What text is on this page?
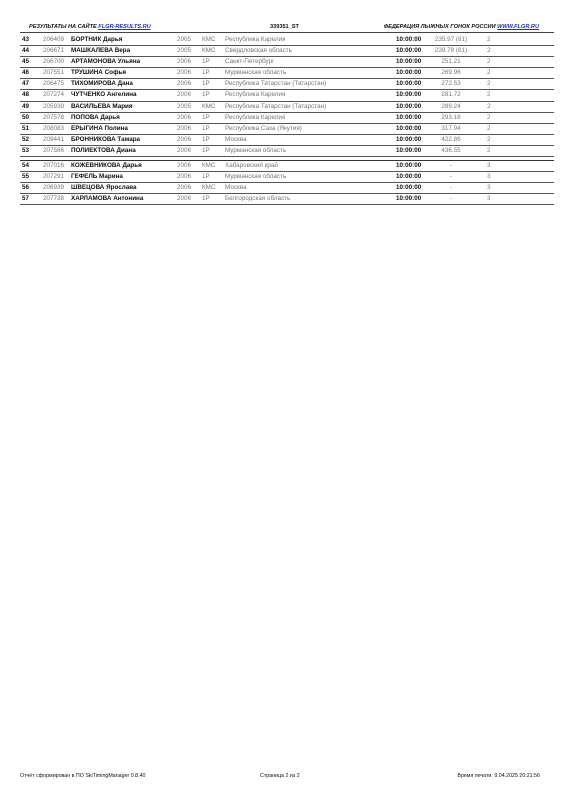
РЕЗУЛЬТАТЫ НА САЙТЕ FLGR-RESULTS.RU	339351_ST	ФЕДЕРАЦИЯ ЛЫЖНЫХ ГОНОК РОССИИ WWW.FLGR.RU
43	206409 БОРТНИК Дарья	2005 КМС Республика Карелия	10:00:00	235.97 (81)	2
44	206671 МАШКАЛЕВА Вера	2005 КМС Свердловская область	10:00:00	239.78 (81)	2
45	206700 АРТАМОНОВА Ульяна	2006 1Р Санкт-Петербург	10:00:00	251.21	2
46	207551 ТРУШИНА Софья	2006 1Р Мурманская область	10:00:00	269.96	2
47	206475 ТИХОМИРОВА Дана	2006 1Р Республика Татарстан (Татарстан)	10:00:00	272.53	2
48	207274 ЧУТЧЕНКО Ангелина	2006 1Р Республика Карелия	10:00:00	281.72	2
49	205939 ВАСИЛЬЕВА Мария	2005 КМС Республика Татарстан (Татарстан)	10:00:00	289.24	2
50	207578 ПОПОВА Дарья	2006 1Р Республика Карелия	10:00:00	293.18	2
51	208083 ЕРЫГИНА Полина	2006 1Р Республика Саха (Якутия)	10:00:00	317.94	2
52	209441 БРОННИКОВА Тамара	2006 1Р Москва	10:00:00	422.86	2
53	207586 ПОЛИЕКТОВА Диана	2006 1Р Мурманская область	10:00:00	436.55	2
54	207016 КОЖЕВНИКОВА Дарья	2006 КМС Хабаровский край	10:00:00	-	3
55	207291 ГЕФЕЛЬ Марина	2006 1Р Мурманская область	10:00:00	-	3
56	206939 ШВЕЦОВА Ярослава	2006 КМС Москва	10:00:00	-	3
57	207738 ХАРЛАМОВА Антонина	2006 1Р Белгородская область	10:00:00	-	3
Отчёт сформирован в ПО SkiTimingManager 0.8.40	Страница 2 из 2	Время печати: 9.04.2025 20:21:56
